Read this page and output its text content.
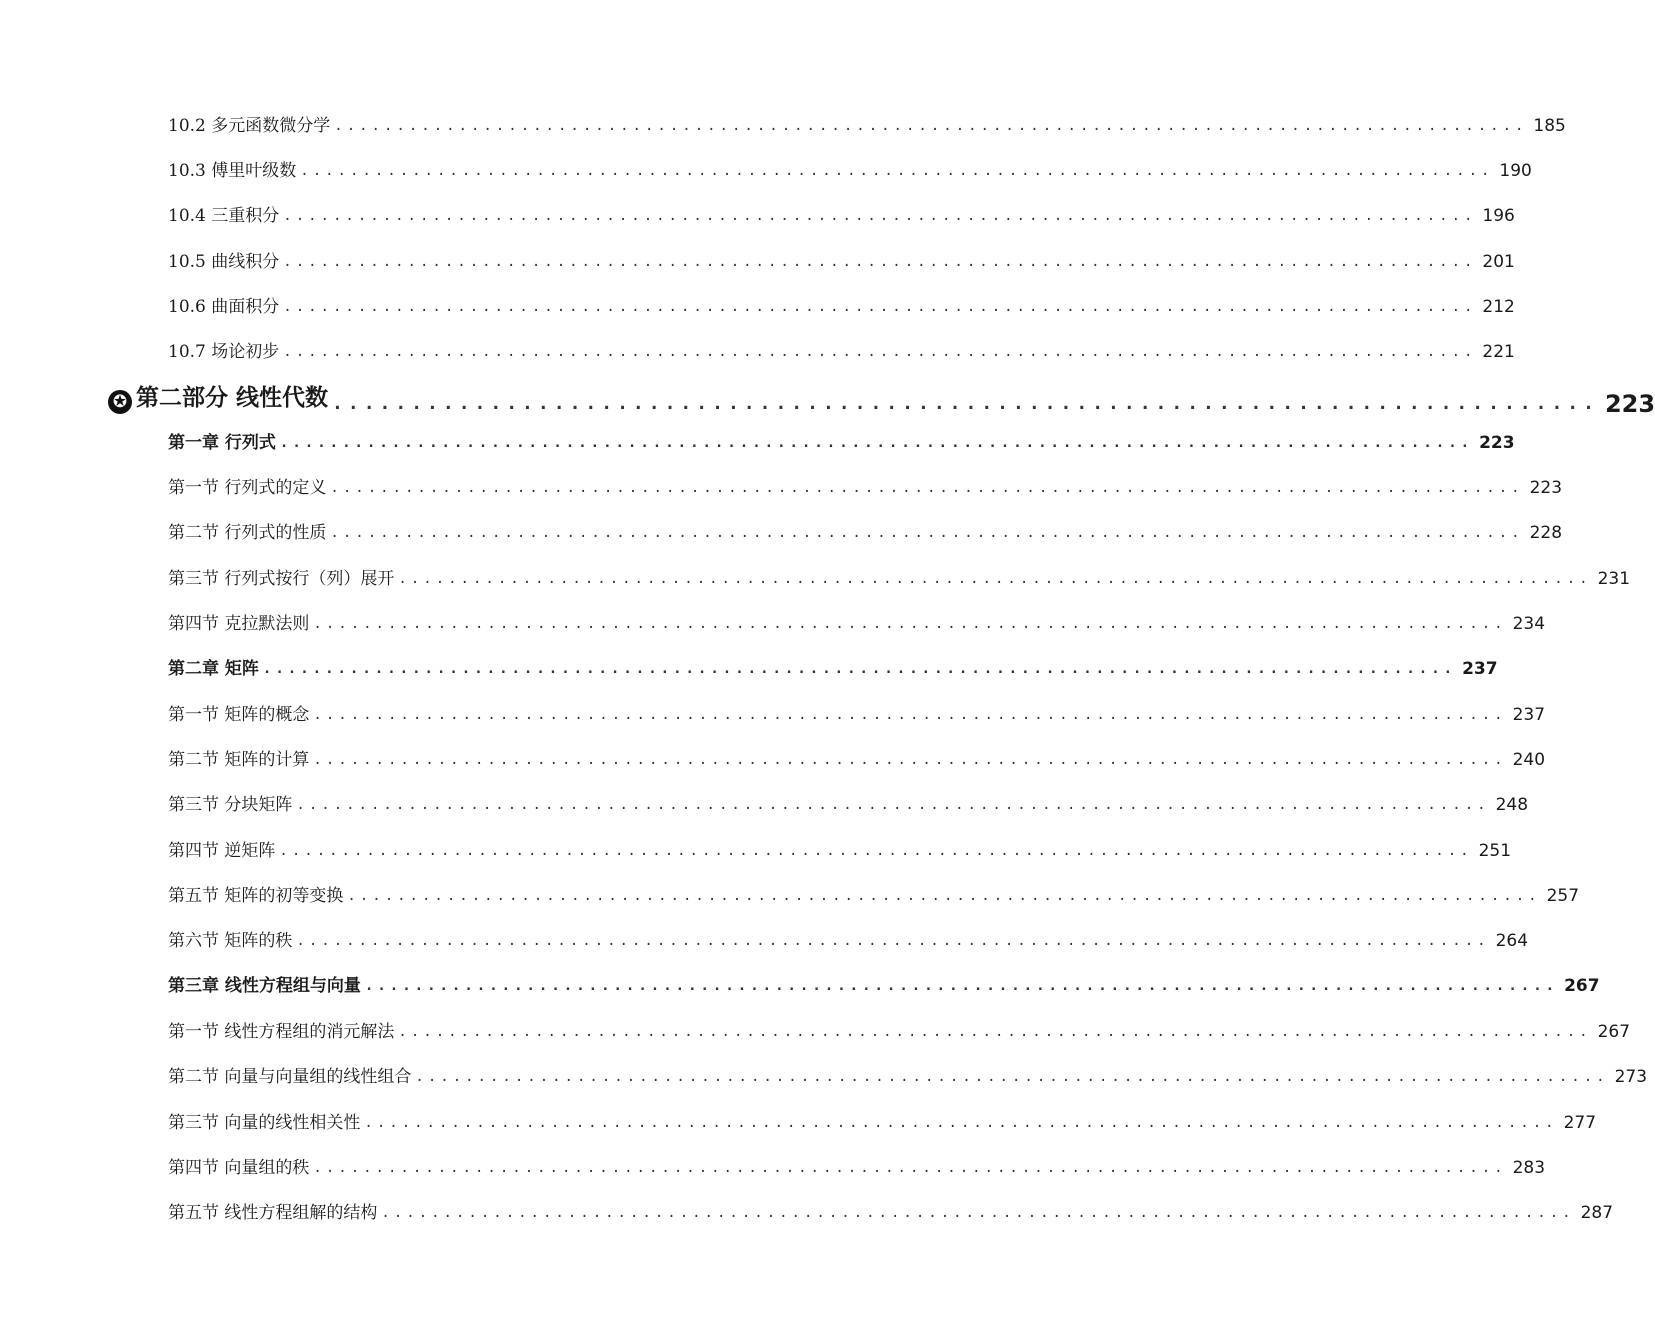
10.2 多元函数微分学 ................................................................................................ 185
10.3 傅里叶级数 ................................................................................................ 190
10.4 三重积分 ................................................................................................ 196
10.5 曲线积分 ................................................................................................ 201
10.6 曲面积分 ................................................................................................ 212
10.7 场论初步 ................................................................................................ 221
✪ 第二部分 线性代数 ................................................................................ 223
第一章 行列式 ................................................................................................ 223
第一节 行列式的定义 ................................................................................................ 223
第二节 行列式的性质 ................................................................................................ 228
第三节 行列式按行（列）展开 ................................................................................................ 231
第四节 克拉默法则 ................................................................................................ 234
第二章 矩阵 ................................................................................................ 237
第一节 矩阵的概念 ................................................................................................ 237
第二节 矩阵的计算 ................................................................................................ 240
第三节 分块矩阵 ................................................................................................ 248
第四节 逆矩阵 ................................................................................................ 251
第五节 矩阵的初等变换 ................................................................................................ 257
第六节 矩阵的秩 ................................................................................................ 264
第三章 线性方程组与向量 ................................................................................................ 267
第一节 线性方程组的消元解法 ................................................................................................ 267
第二节 向量与向量组的线性组合 ................................................................................................ 273
第三节 向量的线性相关性 ................................................................................................ 277
第四节 向量组的秩 ................................................................................................ 283
第五节 线性方程组解的结构 ................................................................................................ 287
